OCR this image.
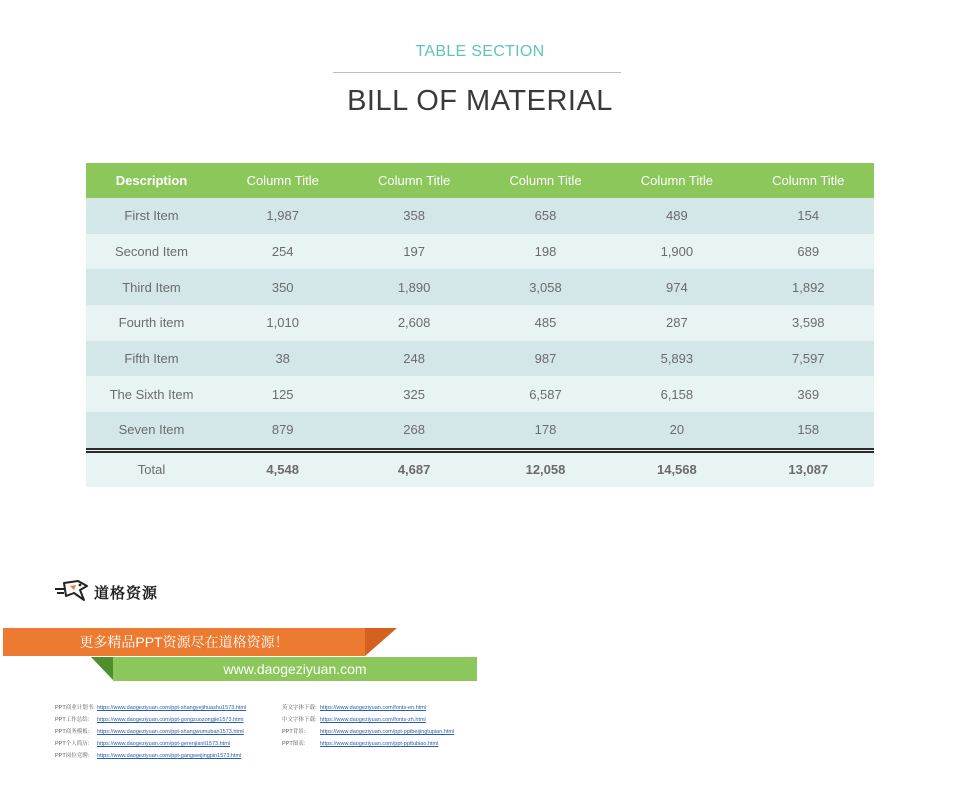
TABLE SECTION
BILL OF MATERIAL
Description	Column Title	Column Title	Column Title	Column Title	Column Title
First Item	1,987	358	658	489	154
Second Item	254	197	198	1,900	689
Third Item	350	1,890	3,058	974	1,892
Fourth item	1,010	2,608	485	287	3,598
Fifth Item	38	248	987	5,893	7,597
The Sixth Item	125	325	6,587	6,158	369
Seven Item	879	268	178	20	158
Total	4,548	4,687	12,058	14,568	13,087
道格资源
更多精品PPT资源尽在道格资源！
www.daogeziyuan.com
PPT商业计划书: https://www.daogeziyuan.com/ppt-shangyejihuashu1573.html
PPT工作总结:	https://www.daogeziyuan.com/ppt-gongzuozongjie1573.html
PPT商务模板:	https://www.daogeziyuan.com/ppt-shangwumuban1573.html
PPT个人简历:	https://www.daogeziyuan.com/ppt-gerenjianli1573.html
PPT岗位竞聘:	https://www.daogeziyuan.com/ppt-gangweijingpin1573.html
英文字体下载: https://www.daogeziyuan.com/fonts-en.html
中文字体下载: https://www.daogeziyuan.com/fonts-zh.html
PPT背景:	https://www.daogeziyuan.com/ppt-pptbeijingtupian.html
PPT图表:	https://www.daogeziyuan.com/ppt-ppttubiao.html
